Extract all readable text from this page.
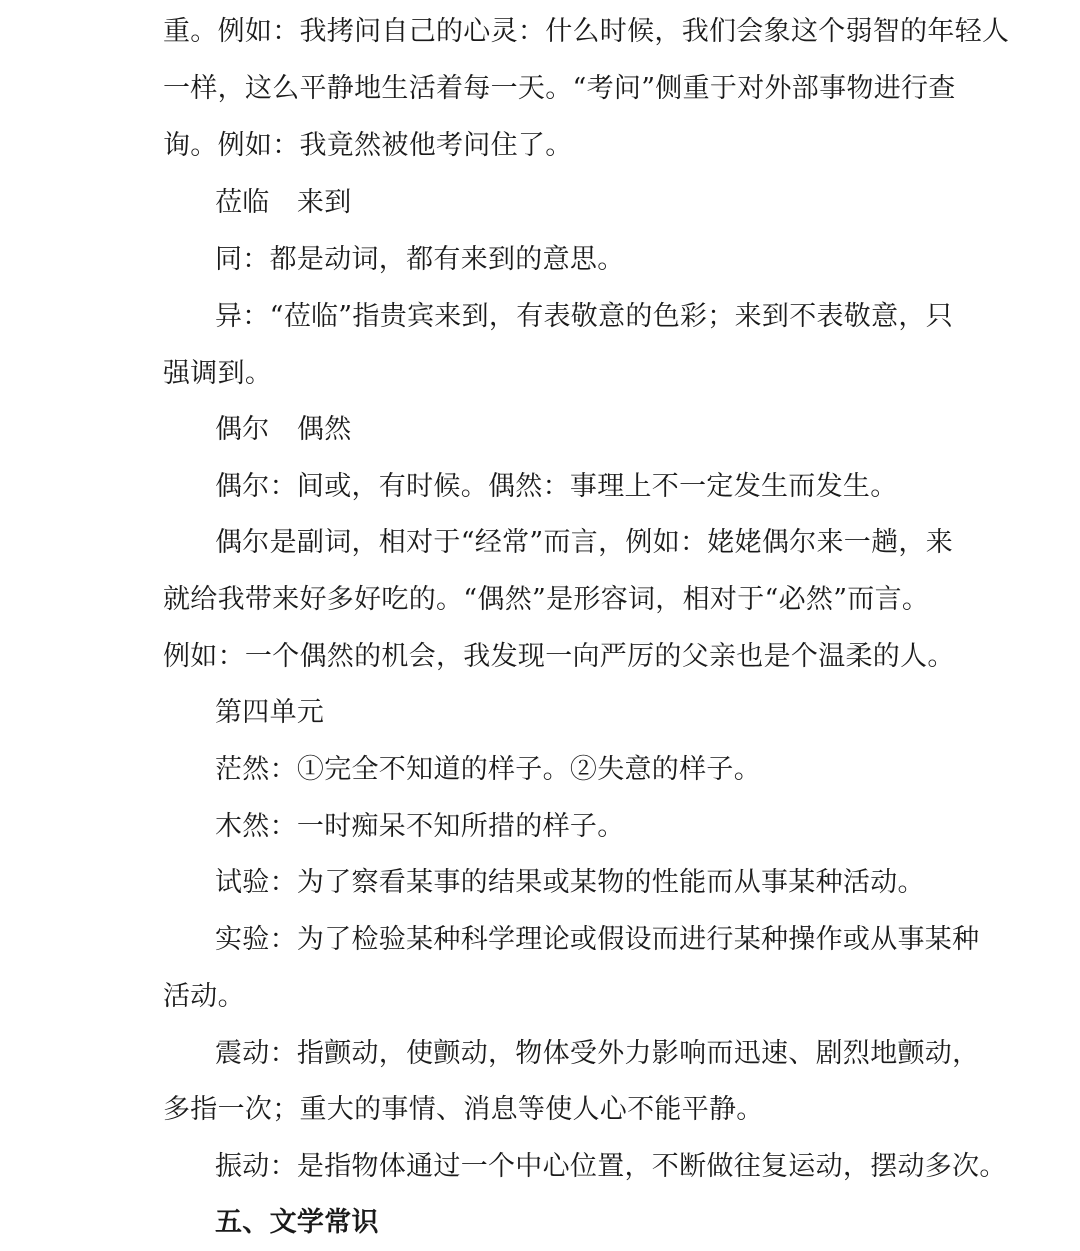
重。例如：我拷问自己的心灵：什么时候，我们会象这个弱智的年轻人
一样，这么平静地生活着每一天。“考问”侧重于对外部事物进行查
询。例如：我竟然被他考问住了。
莅临　来到
同：都是动词，都有来到的意思。
异：“莅临”指贵宾来到，有表敬意的色彩；来到不表敬意，只
强调到。
偶尔　偶然
偶尔：间或，有时候。偶然：事理上不一定发生而发生。
偶尔是副词，相对于“经常”而言，例如：姥姥偶尔来一趟，来
就给我带来好多好吃的。“偶然”是形容词，相对于“必然”而言。
例如：一个偶然的机会，我发现一向严厉的父亲也是个温柔的人。
第四单元
茫然：①完全不知道的样子。②失意的样子。
木然：一时痴呆不知所措的样子。
试验：为了察看某事的结果或某物的性能而从事某种活动。
实验：为了检验某种科学理论或假设而进行某种操作或从事某种
活动。
震动：指颤动，使颤动，物体受外力影响而迅速、剧烈地颤动，
多指一次；重大的事情、消息等使人心不能平静。
振动：是指物体通过一个中心位置，不断做往复运动，摆动多次。
五、文学常识
